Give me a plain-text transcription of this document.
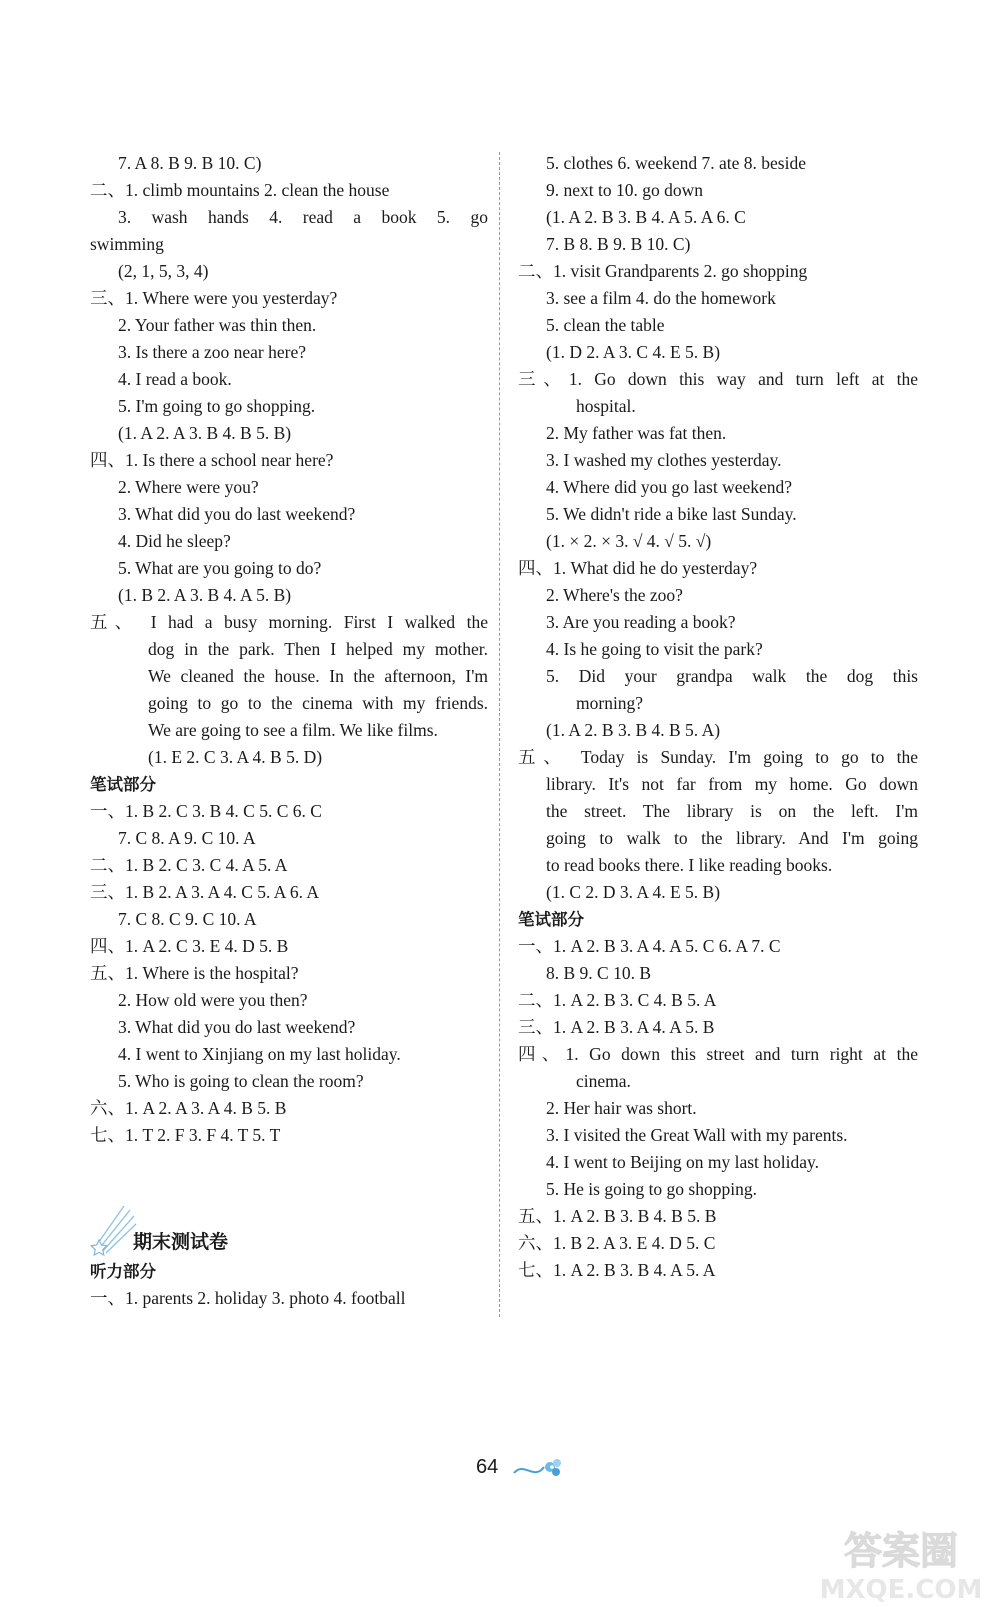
7. A 8. B 9. B 10. C)
二、1. climb mountains 2. clean the house
3. wash hands 4. read a book 5. go
swimming
(2, 1, 5, 3, 4)
三、1. Where were you yesterday?
2. Your father was thin then.
3. Is there a zoo near here?
4. I read a book.
5. I'm going to go shopping.
(1. A 2. A 3. B 4. B 5. B)
四、1. Is there a school near here?
2. Where were you?
3. What did you do last weekend?
4. Did he sleep?
5. What are you going to do?
(1. B 2. A 3. B 4. A 5. B)
五、 I had a busy morning. First I walked the
dog in the park. Then I helped my mother.
We cleaned the house. In the afternoon, I'm
going to go to the cinema with my friends.
We are going to see a film. We like films.
(1. E 2. C 3. A 4. B 5. D)
笔试部分
一、1. B 2. C 3. B 4. C 5. C 6. C
7. C 8. A 9. C 10. A
二、1. B 2. C 3. C 4. A 5. A
三、1. B 2. A 3. A 4. C 5. A 6. A
7. C 8. C 9. C 10. A
四、1. A 2. C 3. E 4. D 5. B
五、1. Where is the hospital?
2. How old were you then?
3. What did you do last weekend?
4. I went to Xinjiang on my last holiday.
5. Who is going to clean the room?
六、1. A 2. A 3. A 4. B 5. B
七、1. T 2. F 3. F 4. T 5. T
期末测试卷
听力部分
一、1. parents 2. holiday 3. photo 4. football
5. clothes 6. weekend 7. ate 8. beside
9. next to 10. go down
(1. A 2. B 3. B 4. A 5. A 6. C
7. B 8. B 9. B 10. C)
二、1. visit Grandparents 2. go shopping
3. see a film 4. do the homework
5. clean the table
(1. D 2. A 3. C 4. E 5. B)
三、1. Go down this way and turn left at the
hospital.
2. My father was fat then.
3. I washed my clothes yesterday.
4. Where did you go last weekend?
5. We didn't ride a bike last Sunday.
(1. × 2. × 3. √ 4. √ 5. √)
四、1. What did he do yesterday?
2. Where's the zoo?
3. Are you reading a book?
4. Is he going to visit the park?
5. Did your grandpa walk the dog this
morning?
(1. A 2. B 3. B 4. B 5. A)
五、 Today is Sunday. I'm going to go to the
library. It's not far from my home. Go down
the street. The library is on the left. I'm
going to walk to the library. And I'm going
to read books there. I like reading books.
(1. C 2. D 3. A 4. E 5. B)
笔试部分
一、1. A 2. B 3. A 4. A 5. C 6. A 7. C
8. B 9. C 10. B
二、1. A 2. B 3. C 4. B 5. A
三、1. A 2. B 3. A 4. A 5. B
四、1. Go down this street and turn right at the
cinema.
2. Her hair was short.
3. I visited the Great Wall with my parents.
4. I went to Beijing on my last holiday.
5. He is going to go shopping.
五、1. A 2. B 3. B 4. B 5. B
六、1. B 2. A 3. E 4. D 5. C
七、1. A 2. B 3. B 4. A 5. A
64
答案圈
MXQE.COM
